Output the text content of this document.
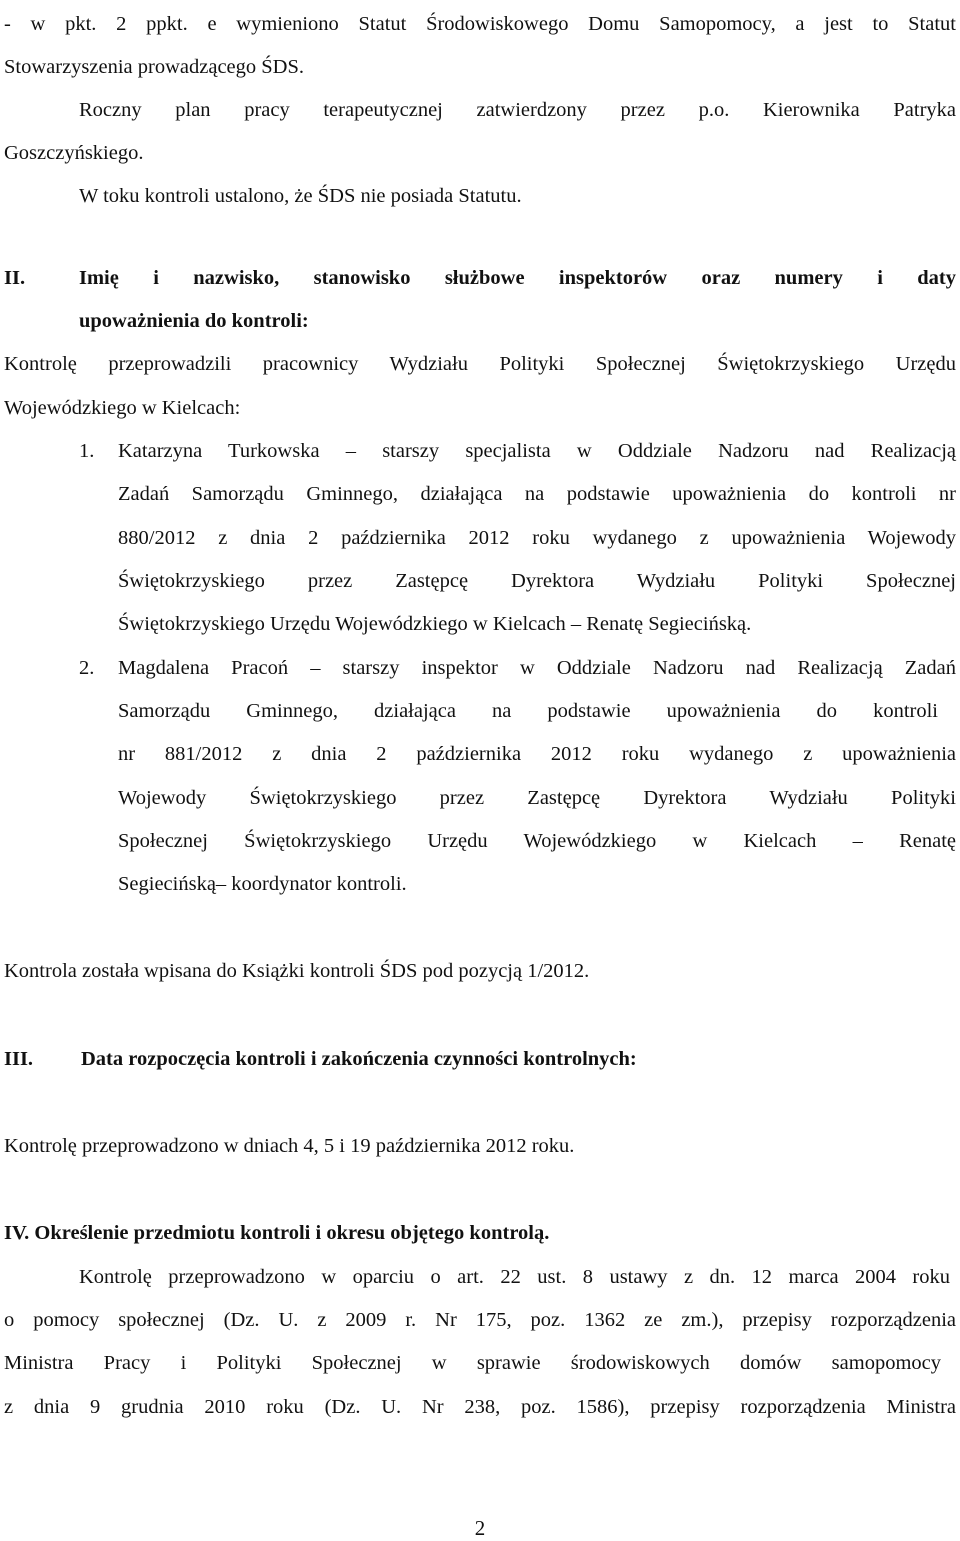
- w pkt. 2 ppkt. e wymieniono Statut Środowiskowego Domu Samopomocy, a jest to Statut
Stowarzyszenia prowadzącego ŚDS.
Roczny plan pracy terapeutycznej zatwierdzony przez p.o. Kierownika Patryka
Goszczyńskiego.
W toku kontroli ustalono, że ŚDS nie posiada Statutu.
II.	Imię i nazwisko, stanowisko służbowe inspektorów oraz numery i daty
upoważnienia do kontroli:
Kontrolę przeprowadzili pracownicy Wydziału Polityki Społecznej Świętokrzyskiego Urzędu
Wojewódzkiego w Kielcach:
1. Katarzyna Turkowska – starszy specjalista w Oddziale Nadzoru nad Realizacją
Zadań Samorządu Gminnego, działająca na podstawie upoważnienia do kontroli nr
880/2012 z dnia 2 października 2012 roku wydanego z upoważnienia Wojewody
Świętokrzyskiego przez Zastępcę Dyrektora Wydziału Polityki Społecznej
Świętokrzyskiego Urzędu Wojewódzkiego w Kielcach – Renatę Segiecińską.
2. Magdalena Pracoń – starszy inspektor w Oddziale Nadzoru nad Realizacją Zadań
Samorządu Gminnego, działająca na podstawie upoważnienia do kontroli
nr 881/2012 z dnia 2 października 2012 roku wydanego z upoważnienia
Wojewody Świętokrzyskiego przez Zastępcę Dyrektora Wydziału Polityki
Społecznej Świętokrzyskiego Urzędu Wojewódzkiego w Kielcach – Renatę
Segiecińską– koordynator kontroli.
Kontrola została wpisana do Książki kontroli ŚDS pod pozycją 1/2012.
III. Data rozpoczęcia kontroli i zakończenia czynności kontrolnych:
Kontrolę przeprowadzono w dniach 4, 5 i 19 października 2012 roku.
IV. Określenie przedmiotu kontroli i okresu objętego kontrolą.
Kontrolę przeprowadzono w oparciu o art. 22 ust. 8 ustawy z dn. 12 marca 2004 roku
o pomocy społecznej (Dz. U. z 2009 r. Nr 175, poz. 1362 ze zm.), przepisy rozporządzenia
Ministra Pracy i Polityki Społecznej w sprawie środowiskowych domów samopomocy
z dnia 9 grudnia 2010 roku (Dz. U. Nr 238, poz. 1586), przepisy rozporządzenia Ministra
2
